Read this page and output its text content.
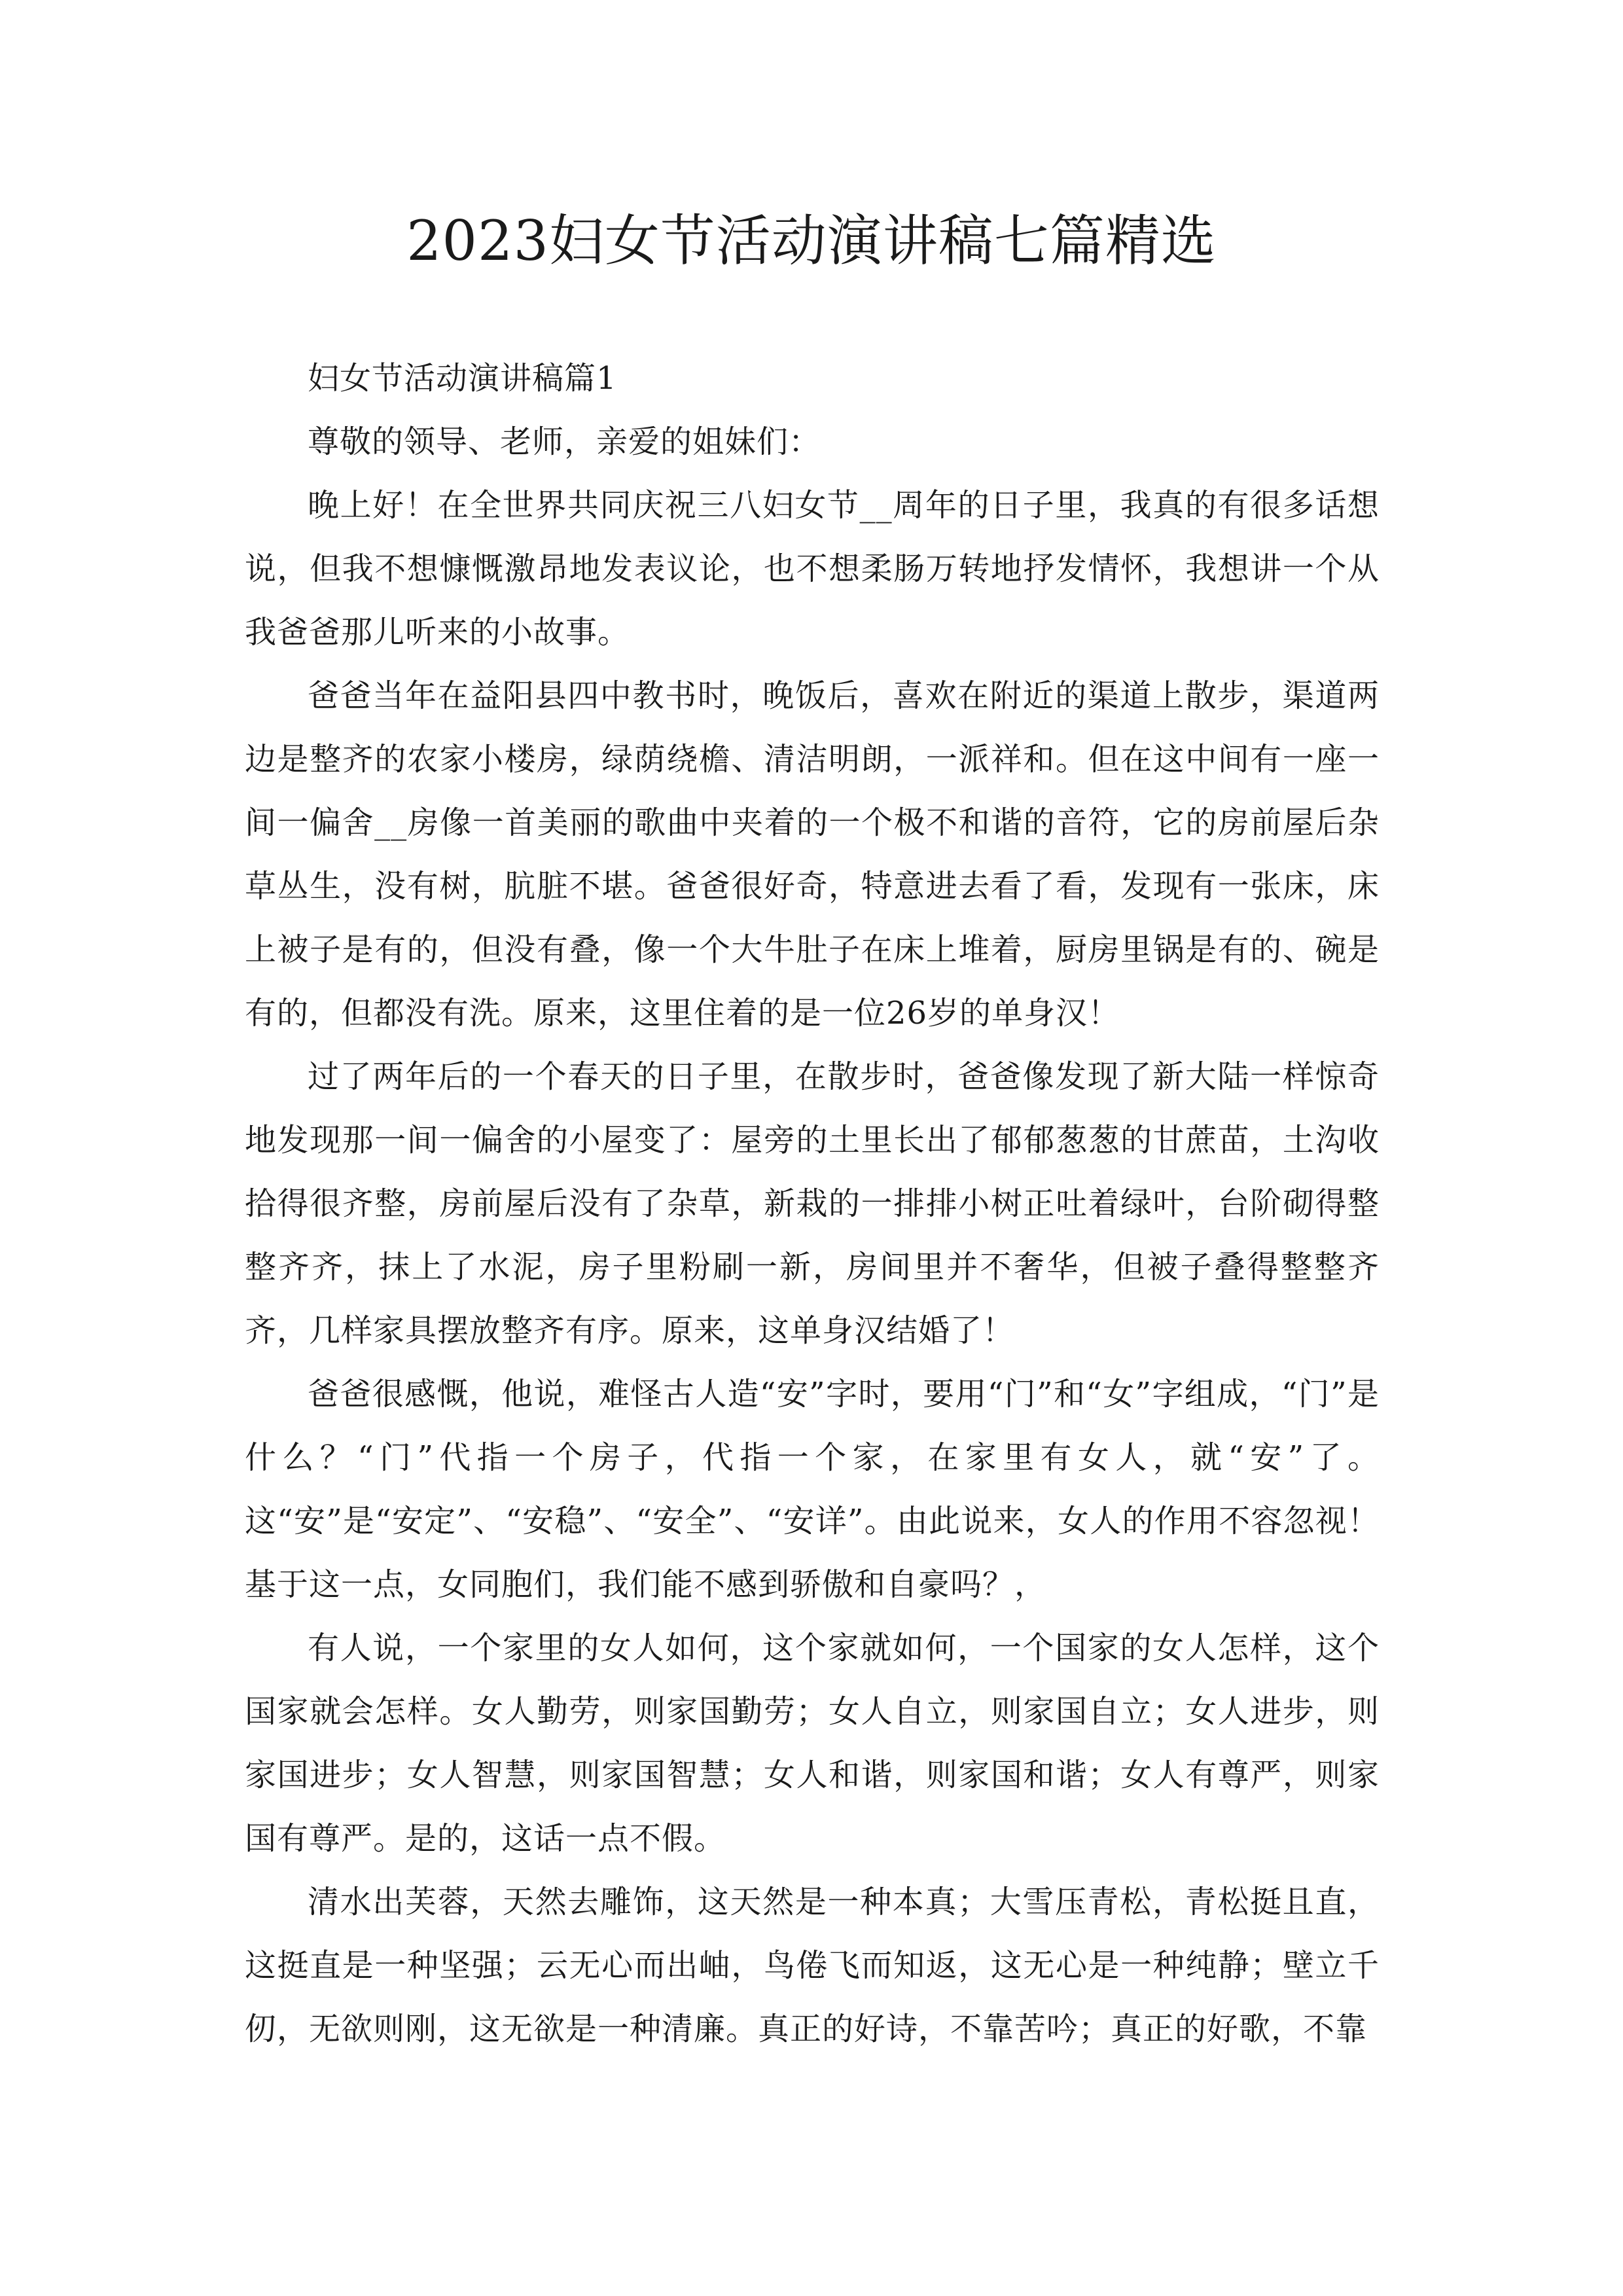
2023妇女节活动演讲稿七篇精选

妇女节活动演讲稿篇1

尊敬的领导、老师，亲爱的姐妹们：

晚上好！在全世界共同庆祝三八妇女节__周年的日子里，我真的有很多话想说，但我不想慷慨激昂地发表议论，也不想柔肠万转地抒发情怀，我想讲一个从我爸爸那儿听来的小故事。

爸爸当年在益阳县四中教书时，晚饭后，喜欢在附近的渠道上散步，渠道两边是整齐的农家小楼房，绿荫绕檐、清洁明朗，一派祥和。但在这中间有一座一间一偏舍__房像一首美丽的歌曲中夹着的一个极不和谐的音符，它的房前屋后杂草丛生，没有树，肮脏不堪。爸爸很好奇，特意进去看了看，发现有一张床，床上被子是有的，但没有叠，像一个大牛肚子在床上堆着，厨房里锅是有的、碗是有的，但都没有洗。原来，这里住着的是一位26岁的单身汉！

过了两年后的一个春天的日子里，在散步时，爸爸像发现了新大陆一样惊奇地发现那一间一偏舍的小屋变了：屋旁的土里长出了郁郁葱葱的甘蔗苗，土沟收拾得很齐整，房前屋后没有了杂草，新栽的一排排小树正吐着绿叶，台阶砌得整整齐齐，抹上了水泥，房子里粉刷一新，房间里并不奢华，但被子叠得整整齐齐，几样家具摆放整齐有序。原来，这单身汉结婚了！

爸爸很感慨，他说，难怪古人造“安”字时，要用“门”和“女”字组成，“门”是什么？“门”代指一个房子，代指一个家，在家里有女人，就“安”了。这“安”是“安定”、“安稳”、“安全”、“安详”。由此说来，女人的作用不容忽视！基于这一点，女同胞们，我们能不感到骄傲和自豪吗？，

有人说，一个家里的女人如何，这个家就如何，一个国家的女人怎样，这个国家就会怎样。女人勤劳，则家国勤劳；女人自立，则家国自立；女人进步，则家国进步；女人智慧，则家国智慧；女人和谐，则家国和谐；女人有尊严，则家国有尊严。是的，这话一点不假。

清水出芙蓉，天然去雕饰，这天然是一种本真；大雪压青松，青松挺且直，这挺直是一种坚强；云无心而出岫，鸟倦飞而知返，这无心是一种纯静；壁立千仞，无欲则刚，这无欲是一种清廉。真正的好诗，不靠苦吟；真正的好歌，不靠
